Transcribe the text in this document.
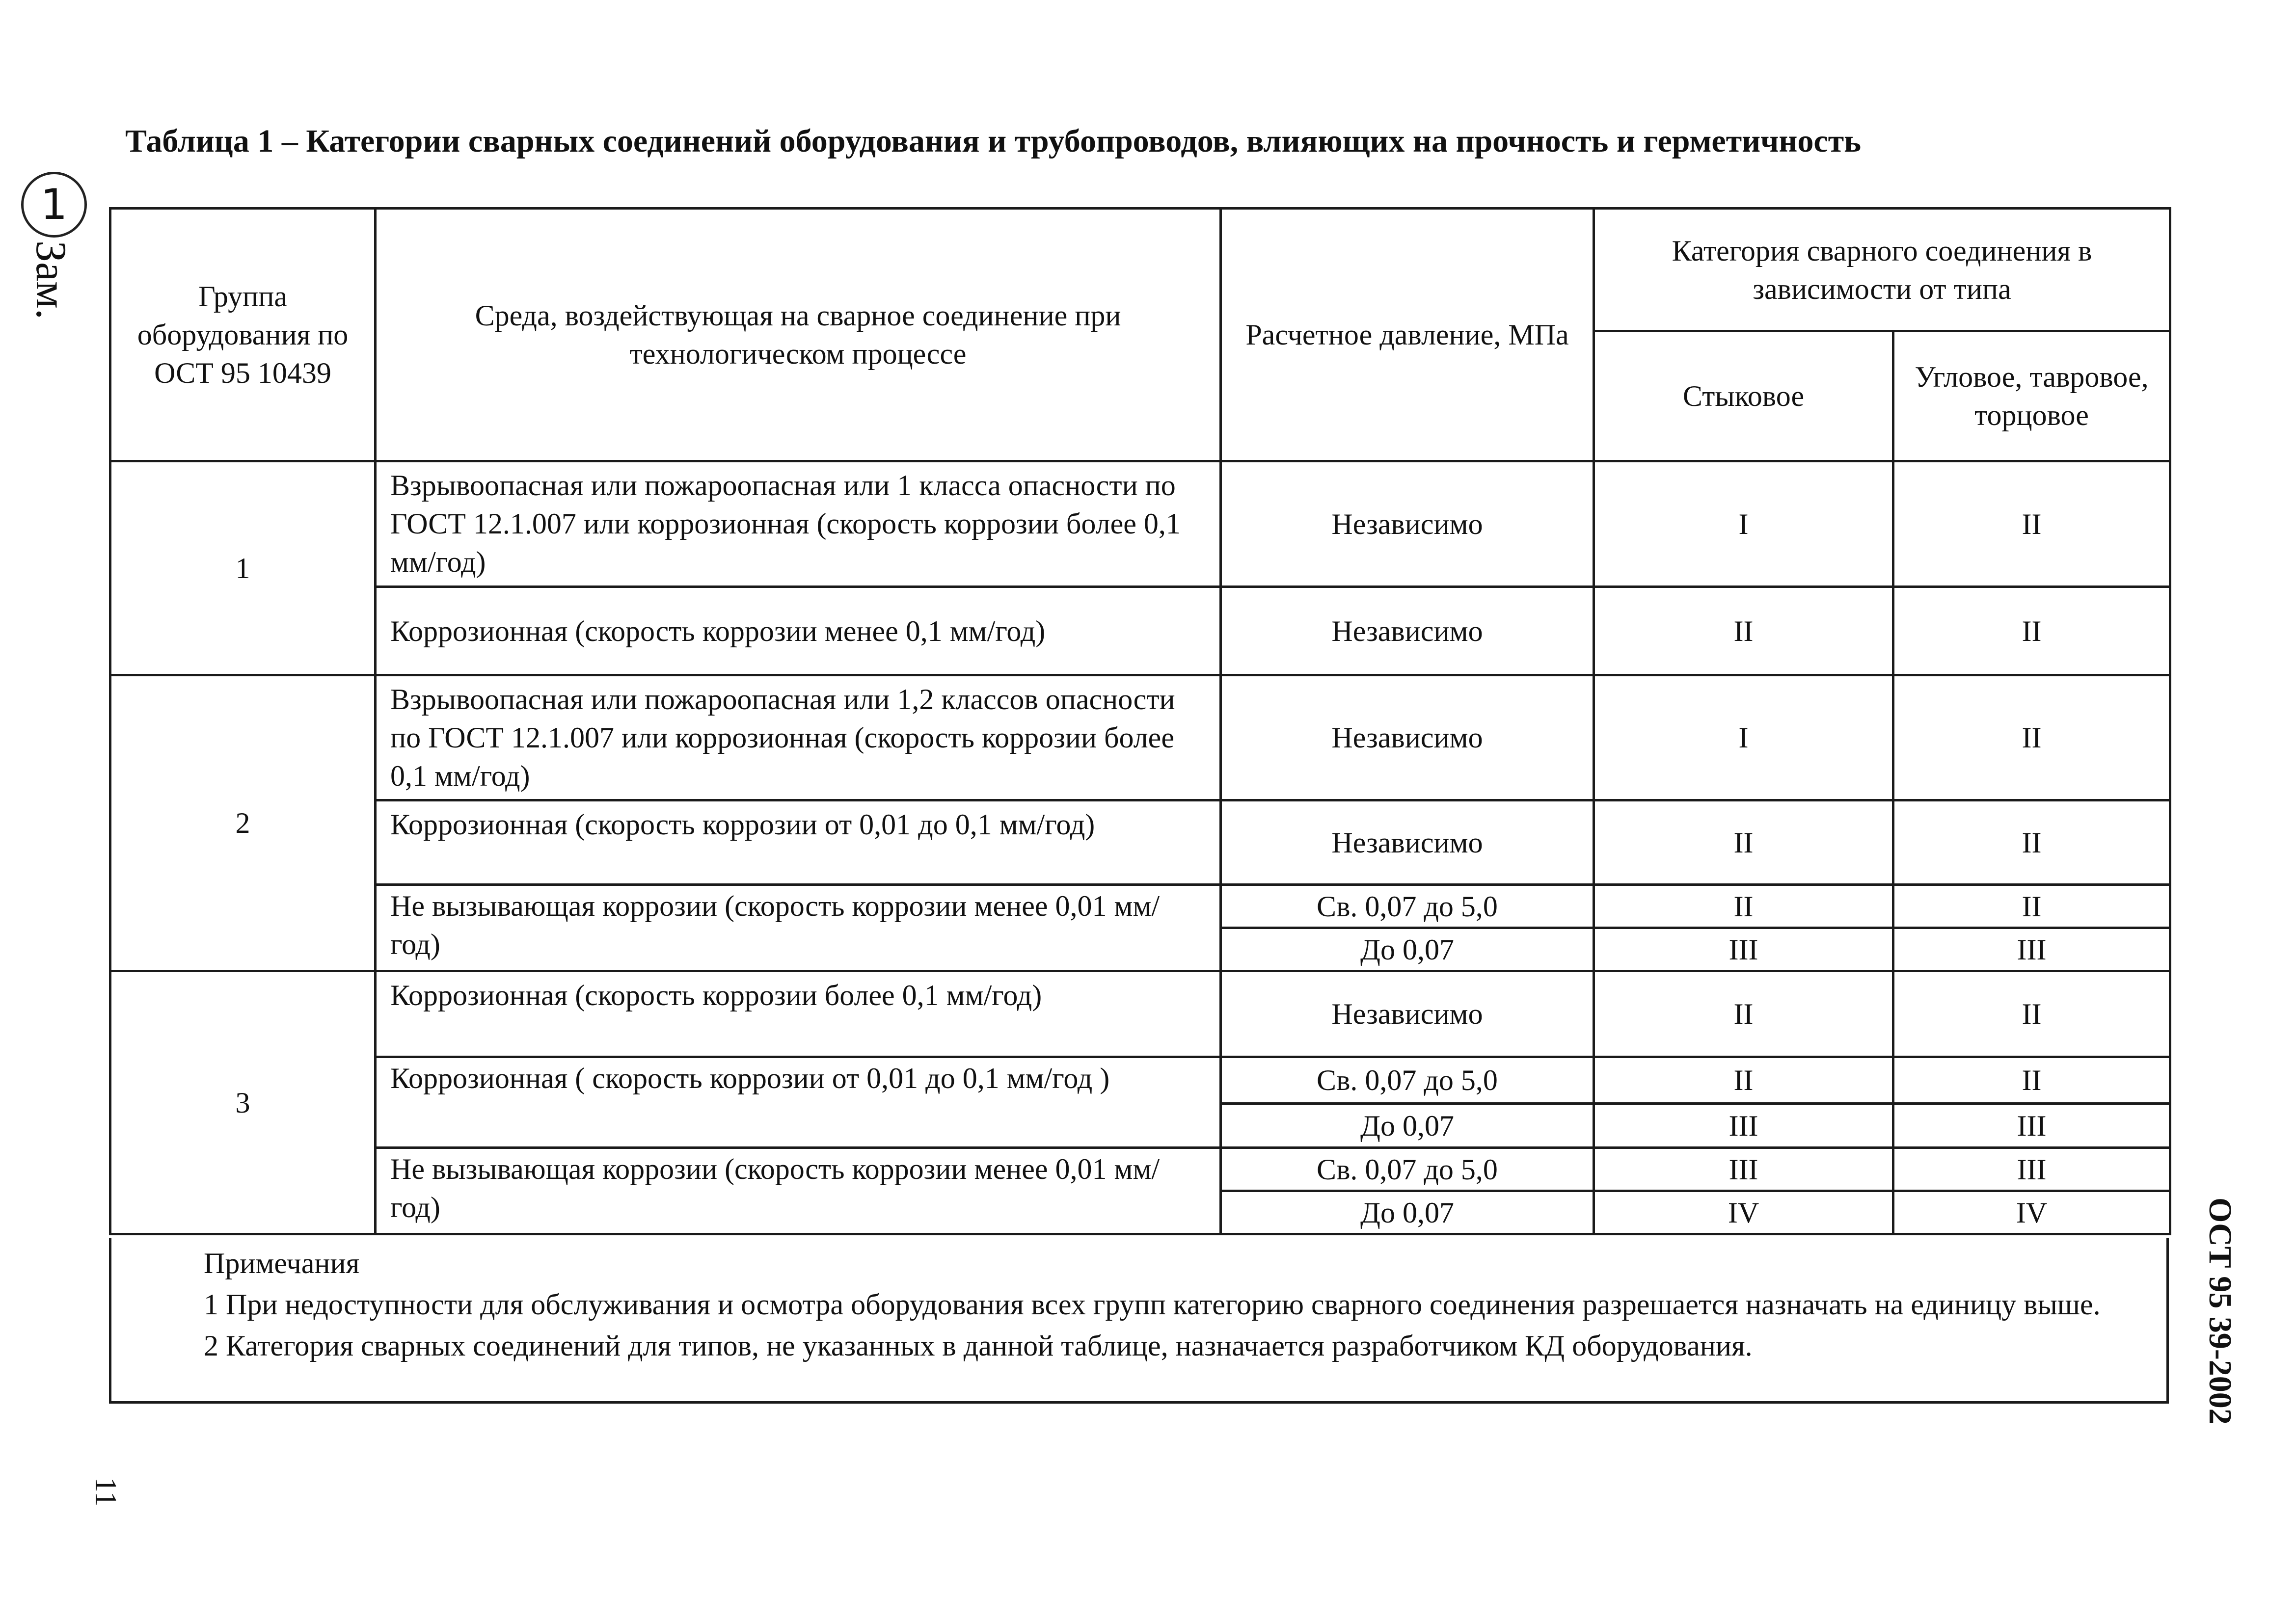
Таблица 1 – Категории сварных соединений оборудования и трубопроводов, влияющих на прочность и герметичность
1
Зам.
ОСТ 95 39-2002
11
Группа оборудования по ОСТ 95 10439	Среда, воздействующая на сварное соединение при технологическом процессе	Расчетное давление, МПа	Категория сварного соединения в зависимости от типа	
			Стыковое	Угловое, тавровое, торцовое
1	Взрывоопасная или пожароопасная или 1 класса опасности по ГОСТ 12.1.007 или коррозионная (скорость коррозии более 0,1 мм/год)	Независимо	I	II
	Коррозионная (скорость коррозии менее 0,1 мм/год)	Независимо	II	II
2	Взрывоопасная или пожароопасная или 1,2 классов опасности по ГОСТ 12.1.007 или коррозионная (скорость коррозии более 0,1 мм/год)	Независимо	I	II
	Коррозионная (скорость коррозии от 0,01 до 0,1 мм/год)	Независимо	II	II
	Не вызывающая коррозии (скорость коррозии менее 0,01 мм/год)	Св. 0,07 до 5,0	II	II
		До 0,07	III	III
3	Коррозионная (скорость коррозии более 0,1 мм/год)	Независимо	II	II
	Коррозионная ( скорость коррозии от 0,01 до 0,1 мм/год )	Св. 0,07 до 5,0	II	II
		До 0,07	III	III
	Не вызывающая коррозии (скорость коррозии менее 0,01 мм/год)	Св. 0,07 до 5,0	III	III
		До 0,07	IV	IV

Примечания

1 При недоступности для обслуживания и осмотра оборудования всех групп категорию сварного соединения разрешается назначать на единицу выше.

2 Категория сварных соединений для типов, не указанных в данной таблице, назначается разработчиком КД оборудования.
